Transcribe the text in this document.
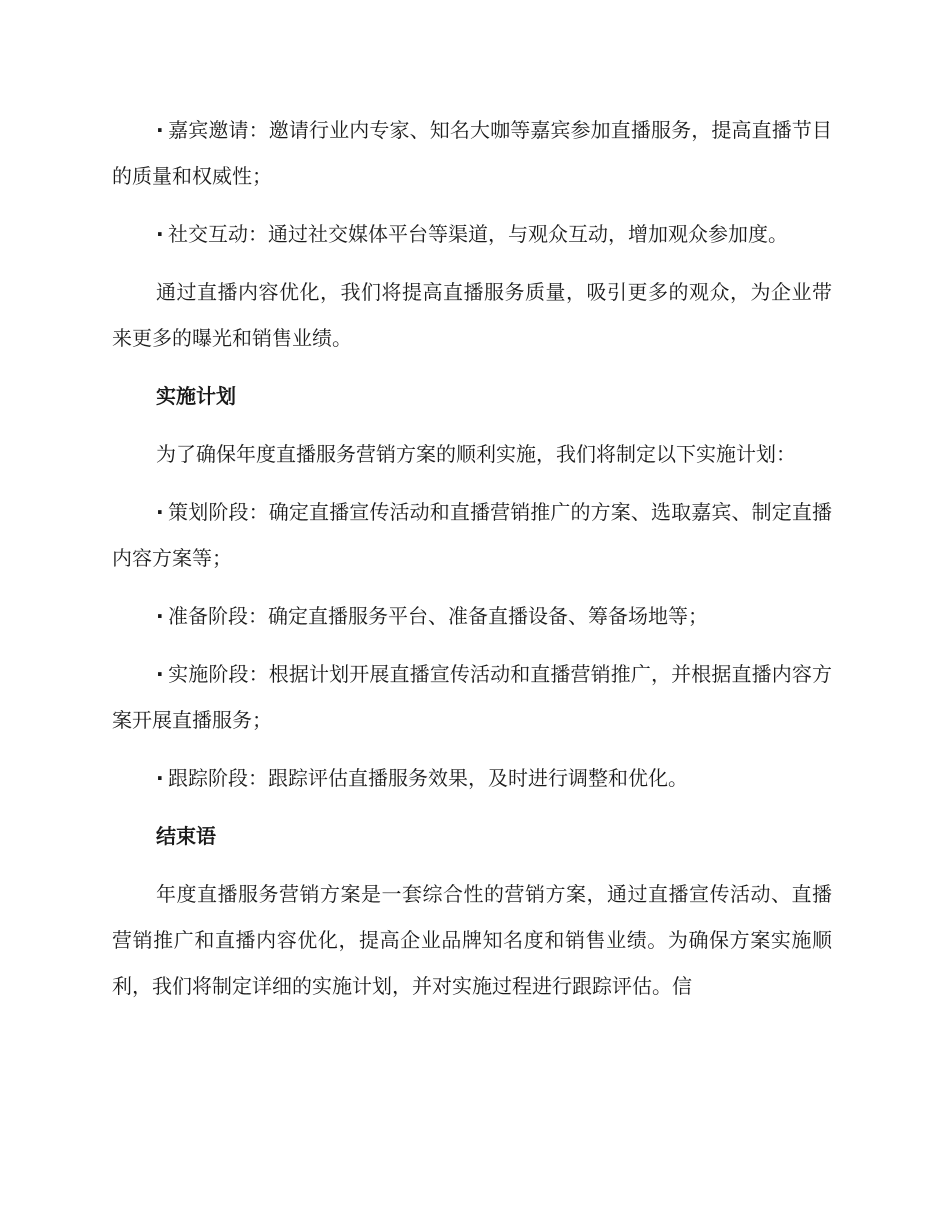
· 嘉宾邀请：邀请行业内专家、知名大咖等嘉宾参加直播服务，提高直播节目的质量和权威性；

· 社交互动：通过社交媒体平台等渠道，与观众互动，增加观众参加度。

通过直播内容优化，我们将提高直播服务质量，吸引更多的观众，为企业带来更多的曝光和销售业绩。

实施计划

为了确保年度直播服务营销方案的顺利实施，我们将制定以下实施计划：

· 策划阶段：确定直播宣传活动和直播营销推广的方案、选取嘉宾、制定直播内容方案等；

· 准备阶段：确定直播服务平台、准备直播设备、筹备场地等；

· 实施阶段：根据计划开展直播宣传活动和直播营销推广，并根据直播内容方案开展直播服务；

· 跟踪阶段：跟踪评估直播服务效果，及时进行调整和优化。

结束语

年度直播服务营销方案是一套综合性的营销方案，通过直播宣传活动、直播营销推广和直播内容优化，提高企业品牌知名度和销售业绩。为确保方案实施顺利，我们将制定详细的实施计划，并对实施过程进行跟踪评估。信
